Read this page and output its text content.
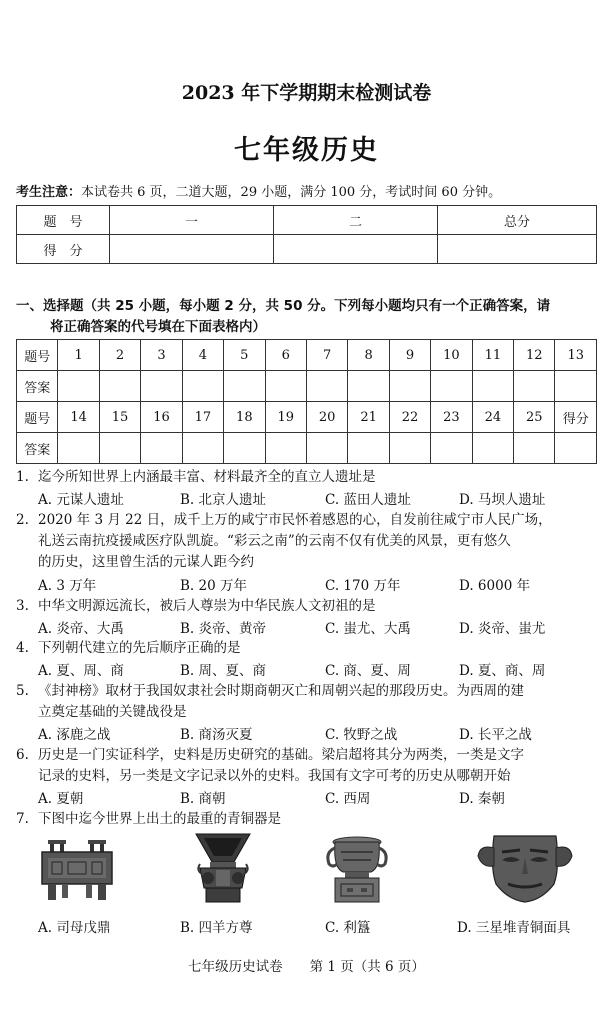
2023 年下学期期末检测试卷
七年级历史
考生注意：本试卷共 6 页，二道大题，29 小题，满分 100 分，考试时间 60 分钟。
题　号	一	二	总分
得　分			
一、选择题（共 25 小题，每小题 2 分，共 50 分。下列每小题均只有一个正确答案，请
将正确答案的代号填在下面表格内）
题号	1	2	3	4	5	6	7	8	9	10	11	12	13
答案													
题号	14	15	16	17	18	19	20	21	22	23	24	25	得分
答案													
1. 迄今所知世界上内涵最丰富、材料最齐全的直立人遗址是
A. 元谋人遗址	B. 北京人遗址	C. 蓝田人遗址	D. 马坝人遗址
2. 2020 年 3 月 22 日，成千上万的咸宁市民怀着感恩的心，自发前往咸宁市人民广场，
礼送云南抗疫援咸医疗队凯旋。“彩云之南”的云南不仅有优美的风景，更有悠久
的历史，这里曾生活的元谋人距今约
A. 3 万年	B. 20 万年	C. 170 万年	D. 6000 年
3. 中华文明源远流长，被后人尊崇为中华民族人文初祖的是
A. 炎帝、大禹	B. 炎帝、黄帝	C. 蚩尤、大禹	D. 炎帝、蚩尤
4. 下列朝代建立的先后顺序正确的是
A. 夏、周、商	B. 周、夏、商	C. 商、夏、周	D. 夏、商、周
5. 《封神榜》取材于我国奴隶社会时期商朝灭亡和周朝兴起的那段历史。为西周的建
立奠定基础的关键战役是
A. 涿鹿之战	B. 商汤灭夏	C. 牧野之战	D. 长平之战
6. 历史是一门实证科学，史料是历史研究的基础。梁启超将其分为两类，一类是文字
记录的史料，另一类是文字记录以外的史料。我国有文字可考的历史从哪朝开始
A. 夏朝	B. 商朝	C. 西周	D. 秦朝
7. 下图中迄今世界上出土的最重的青铜器是
A. 司母戊鼎	B. 四羊方尊	C. 利簋	D. 三星堆青铜面具
七年级历史试卷　　第 1 页（共 6 页）
